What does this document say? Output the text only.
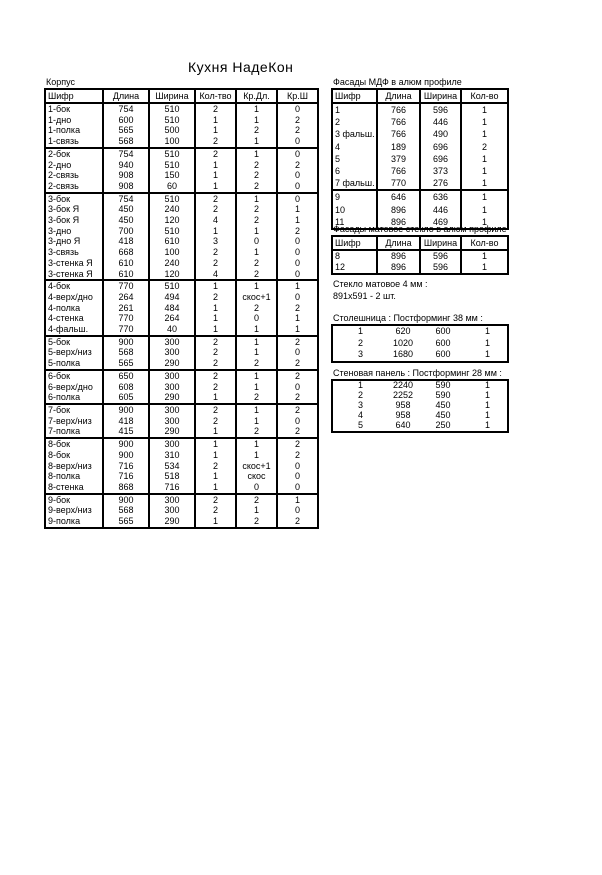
Кухня НадеКон
Корпус
Шифр	Длина	Ширина	Кол-тво	Кр.Дл.	Кр.Ш
1-бок	754	510	2	1	0
1-дно	600	510	1	1	2
1-полка	565	500	1	2	2
1-связь	568	100	2	1	0
2-бок	754	510	2	1	0
2-дно	940	510	1	2	2
2-связь	908	150	1	2	0
2-связь	908	60	1	2	0
3-бок	754	510	2	1	0
3-бок Я	450	240	2	2	1
3-бок Я	450	120	4	2	1
3-дно	700	510	1	1	2
3-дно Я	418	610	3	0	0
3-связь	668	100	2	1	0
3-стенка Я	610	240	2	2	0
3-стенка Я	610	120	4	2	0
4-бок	770	510	1	1	1
4-верх/дно	264	494	2	скос+1	0
4-полка	261	484	1	2	2
4-стенка	770	264	1	0	1
4-фальш.	770	40	1	1	1
5-бок	900	300	2	1	2
5-верх/низ	568	300	2	1	0
5-полка	565	290	2	2	2
6-бок	650	300	2	1	2
6-верх/дно	608	300	2	1	0
6-полка	605	290	1	2	2
7-бок	900	300	2	1	2
7-верх/низ	418	300	2	1	0
7-полка	415	290	1	2	2
8-бок	900	300	1	1	2
8-бок	900	310	1	1	2
8-верх/низ	716	534	2	скос+1	0
8-полка	716	518	1	скос	0
8-стенка	868	716	1	0	0
9-бок	900	300	2	2	1
9-верх/низ	568	300	2	1	0
9-полка	565	290	1	2	2
Фасады МДФ в алюм профиле
Шифр	Длина	Ширина	Кол-во
1	766	596	1
2	766	446	1
3 фальш.	766	490	1
4	189	696	2
5	379	696	1
6	766	373	1
7 фальш.	770	276	1
9	646	636	1
10	896	446	1
11	896	469	1
Фасады матовое стекло в алюм профиле
Шифр	Длина	Ширина	Кол-во
8	896	596	1
12	896	596	1
Стекло матовое 4 мм :
891х591 - 2 шт.
Столешница : Постформинг 38 мм :
1	620	600	1
2	1020	600	1
3	1680	600	1
Стеновая панель : Постформинг 28 мм :
1	2240	590	1
2	2252	590	1
3	958	450	1
4	958	450	1
5	640	250	1
